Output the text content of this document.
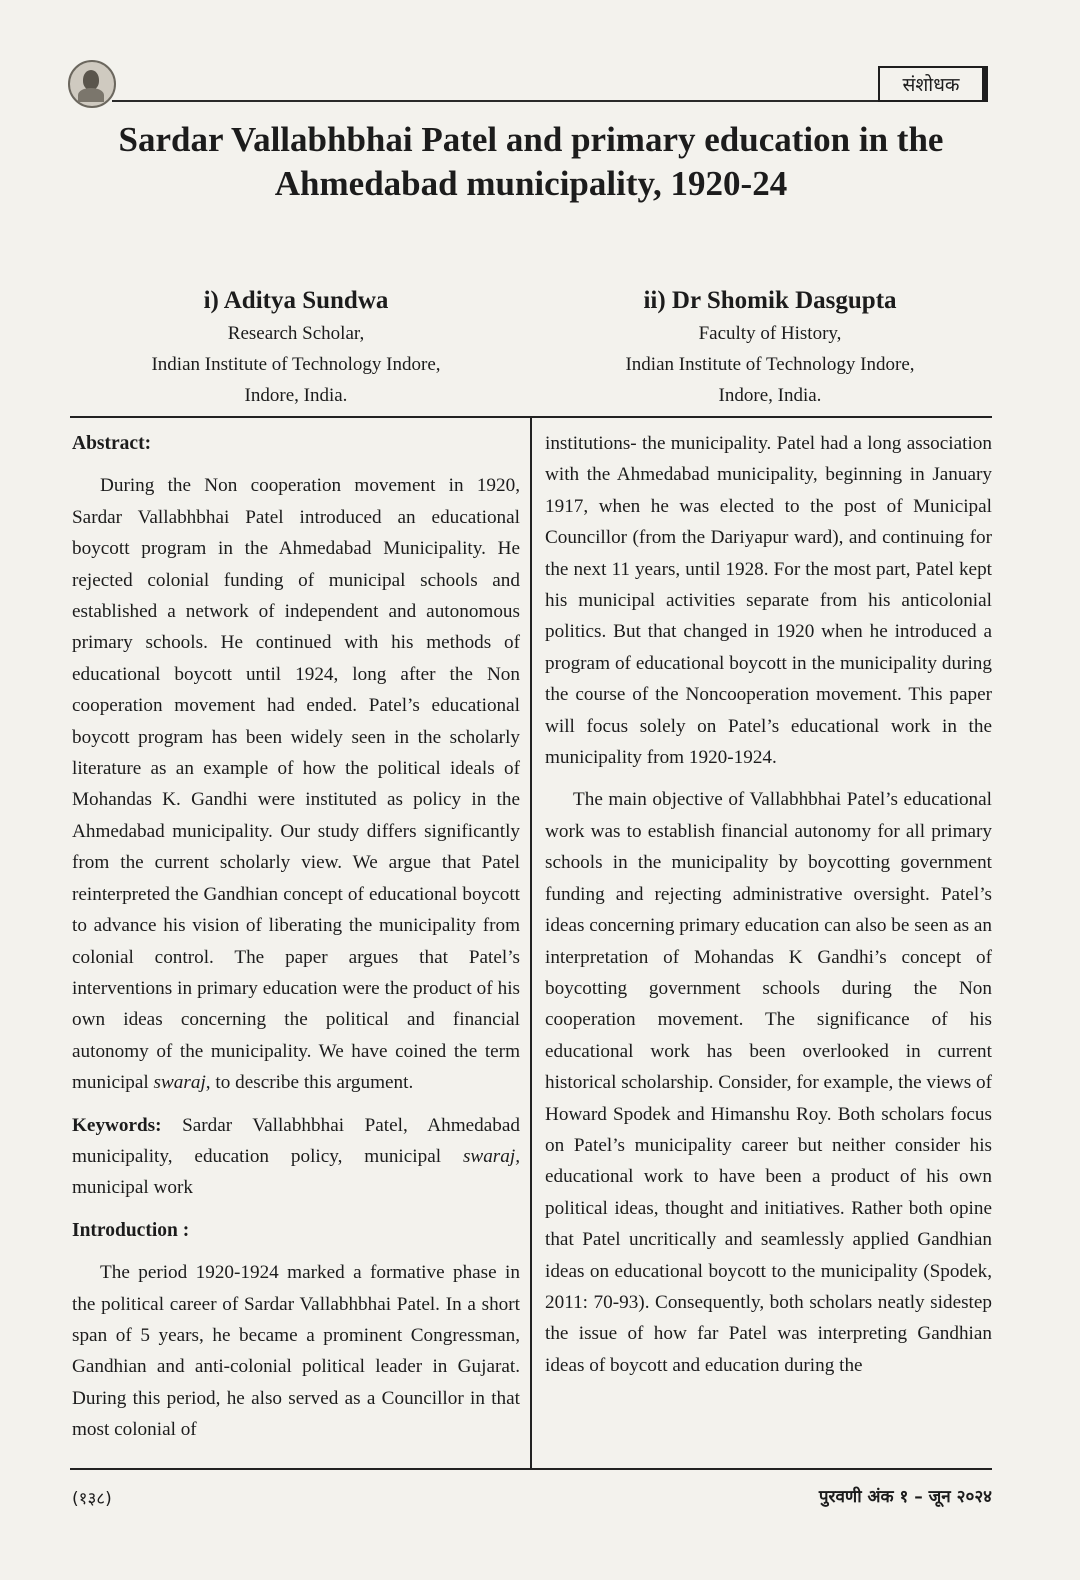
संशोधक
Sardar Vallabhbhai Patel and primary education in the Ahmedabad municipality, 1920-24
i) Aditya Sundwa
Research Scholar,
Indian Institute of Technology Indore,
Indore, India.
ii) Dr Shomik Dasgupta
Faculty of History,
Indian Institute of Technology Indore,
Indore, India.
Abstract:

During the Non cooperation movement in 1920, Sardar Vallabhbhai Patel introduced an educational boycott program in the Ahmedabad Municipality. He rejected colonial funding of municipal schools and established a network of independent and autonomous primary schools. He continued with his methods of educational boycott until 1924, long after the Non cooperation movement had ended. Patel’s educational boycott program has been widely seen in the scholarly literature as an example of how the political ideals of Mohandas K. Gandhi were instituted as policy in the Ahmedabad municipality. Our study differs significantly from the current scholarly view. We argue that Patel reinterpreted the Gandhian concept of educational boycott to advance his vision of liberating the municipality from colonial control. The paper argues that Patel’s interventions in primary education were the product of his own ideas concerning the political and financial autonomy of the municipality. We have coined the term municipal swaraj, to describe this argument.

Keywords: Sardar Vallabhbhai Patel, Ahmedabad municipality, education policy, municipal swaraj, municipal work

Introduction :

The period 1920-1924 marked a formative phase in the political career of Sardar Vallabhbhai Patel. In a short span of 5 years, he became a prominent Congressman, Gandhian and anti-colonial political leader in Gujarat. During this period, he also served as a Councillor in that most colonial of

institutions- the municipality. Patel had a long association with the Ahmedabad municipality, beginning in January 1917, when he was elected to the post of Municipal Councillor (from the Dariyapur ward), and continuing for the next 11 years, until 1928. For the most part, Patel kept his municipal activities separate from his anticolonial politics. But that changed in 1920 when he introduced a program of educational boycott in the municipality during the course of the Noncooperation movement. This paper will focus solely on Patel’s educational work in the municipality from 1920-1924.

The main objective of Vallabhbhai Patel’s educational work was to establish financial autonomy for all primary schools in the municipality by boycotting government funding and rejecting administrative oversight. Patel’s ideas concerning primary education can also be seen as an interpretation of Mohandas K Gandhi’s concept of boycotting government schools during the Non cooperation movement. The significance of his educational work has been overlooked in current historical scholarship. Consider, for example, the views of Howard Spodek and Himanshu Roy. Both scholars focus on Patel’s municipality career but neither consider his educational work to have been a product of his own political ideas, thought and initiatives. Rather both opine that Patel uncritically and seamlessly applied Gandhian ideas on educational boycott to the municipality (Spodek, 2011: 70-93). Consequently, both scholars neatly sidestep the issue of how far Patel was interpreting Gandhian ideas of boycott and education during the

(१३८)	पुरवणी अंक १ – जून २०२४
